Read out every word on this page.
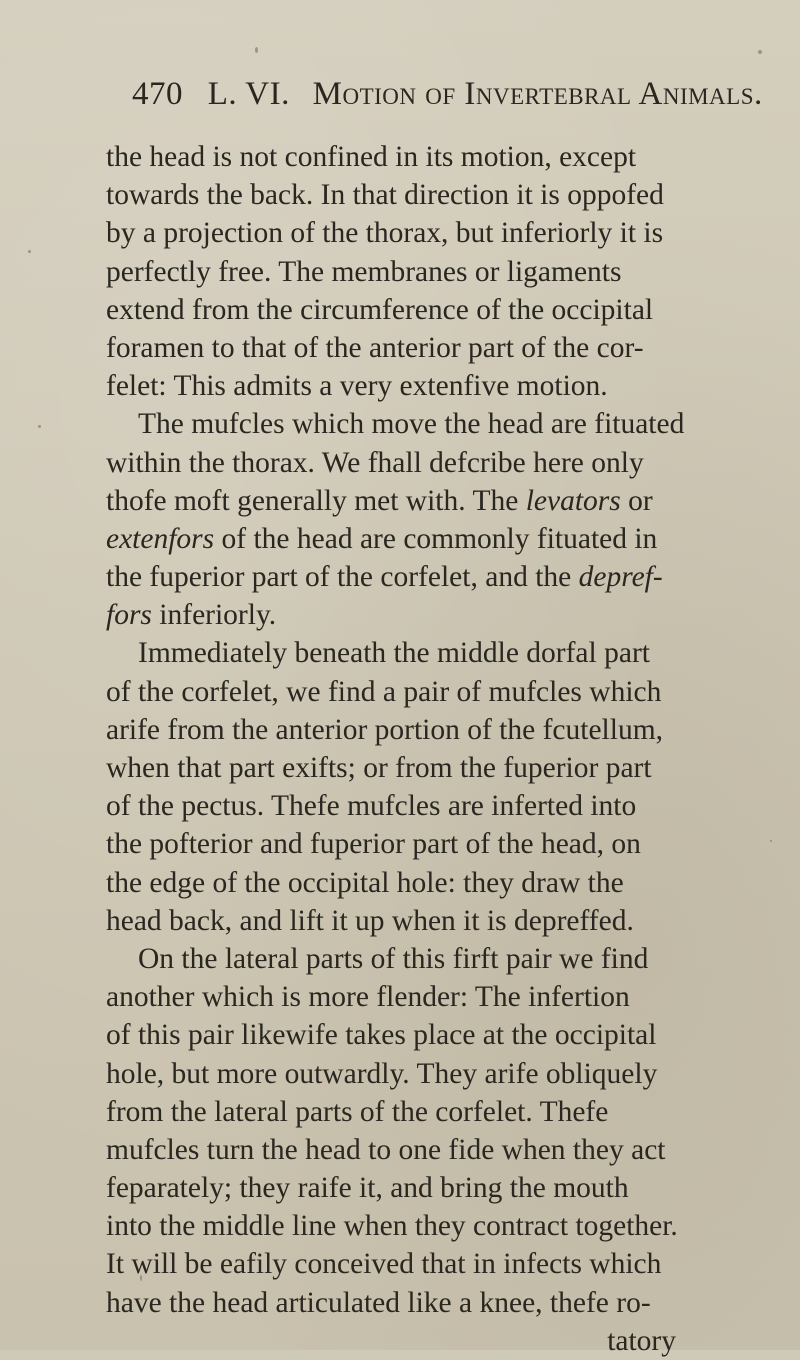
470 L. VI. Motion of Invertebral Animals.
the head is not confined in its motion, except
towards the back. In that direction it is oppofed
by a projection of the thorax, but inferiorly it is
perfectly free. The membranes or ligaments
extend from the circumference of the occipital
foramen to that of the anterior part of the cor-
felet: This admits a very extenfive motion.
The mufcles which move the head are fituated
within the thorax. We fhall defcribe here only
thofe moft generally met with. The levators or
extenfors of the head are commonly fituated in
the fuperior part of the corfelet, and the depref-
fors inferiorly.
Immediately beneath the middle dorfal part
of the corfelet, we find a pair of mufcles which
arife from the anterior portion of the fcutellum,
when that part exifts; or from the fuperior part
of the pectus. Thefe mufcles are inferted into
the pofterior and fuperior part of the head, on
the edge of the occipital hole: they draw the
head back, and lift it up when it is depreffed.
On the lateral parts of this firft pair we find
another which is more flender: The infertion
of this pair likewife takes place at the occipital
hole, but more outwardly. They arife obliquely
from the lateral parts of the corfelet. Thefe
mufcles turn the head to one fide when they act
feparately; they raife it, and bring the mouth
into the middle line when they contract together.
It will be eafily conceived that in infects which
have the head articulated like a knee, thefe ro-
tatory
